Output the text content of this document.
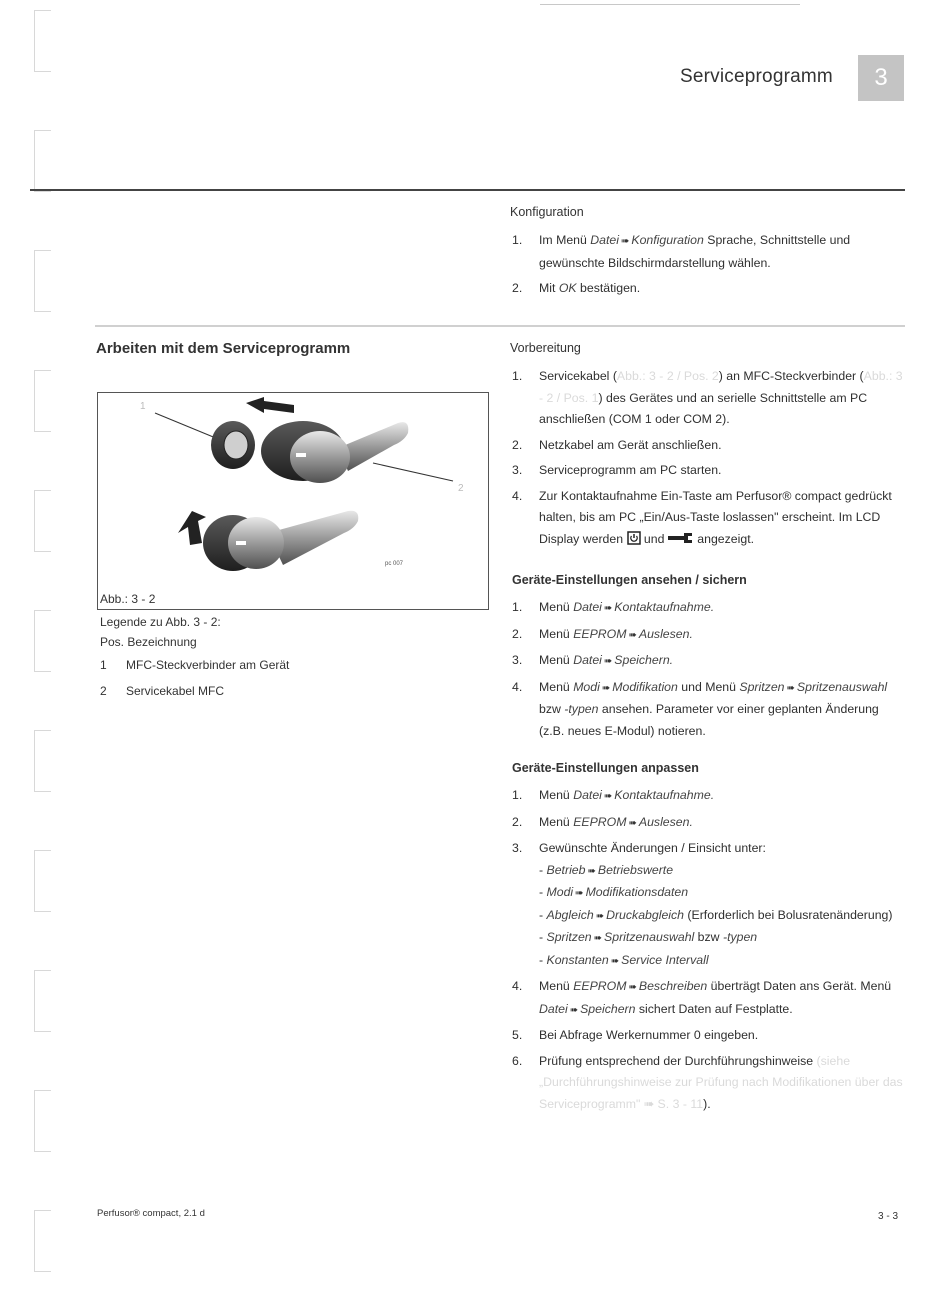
Serviceprogramm	3
Konfiguration
1. Im Menü Datei ➠ Konfiguration Sprache, Schnittstelle und gewünschte Bildschirmdarstellung wählen.
2. Mit OK bestätigen.
Arbeiten mit dem Serviceprogramm
1
2
pc 007
Abb.: 3 - 2
Legende zu Abb. 3 - 2:
Pos. Bezeichnung
1 MFC-Steckverbinder am Gerät
2 Servicekabel MFC
Vorbereitung
1. Servicekabel (Abb.: 3 - 2 / Pos. 2) an MFC-Steckverbinder (Abb.: 3 - 2 / Pos. 1) des Gerätes und an serielle Schnittstelle am PC anschließen (COM 1 oder COM 2).
2. Netzkabel am Gerät anschließen.
3. Serviceprogramm am PC starten.
4. Zur Kontaktaufnahme Ein-Taste am Perfusor® compact gedrückt halten, bis am PC „Ein/Aus-Taste loslassen" erscheint. Im LCD Display werden  und  angezeigt.
Geräte-Einstellungen ansehen / sichern
1. Menü Datei ➠ Kontaktaufnahme.
2. Menü EEPROM ➠ Auslesen.
3. Menü Datei ➠ Speichern.
4. Menü Modi ➠ Modifikation und Menü Spritzen ➠ Spritzenauswahl bzw -typen ansehen. Parameter vor einer geplanten Änderung (z.B. neues E-Modul) notieren.
Geräte-Einstellungen anpassen
1. Menü Datei ➠ Kontaktaufnahme.
2. Menü EEPROM ➠ Auslesen.
3. Gewünschte Änderungen / Einsicht unter:
- Betrieb ➠ Betriebswerte
- Modi ➠ Modifikationsdaten
- Abgleich ➠ Druckabgleich (Erforderlich bei Bolusratenänderung)
- Spritzen ➠ Spritzenauswahl bzw -typen
- Konstanten ➠ Service Intervall
4. Menü EEPROM ➠ Beschreiben überträgt Daten ans Gerät. Menü Datei ➠ Speichern sichert Daten auf Festplatte.
5. Bei Abfrage Werkernummer 0 eingeben.
6. Prüfung entsprechend der Durchführungshinweise (siehe „Durchführungshinweise zur Prüfung nach Modifikationen über das Serviceprogramm" ➠ S. 3 - 11).
Perfusor® compact, 2.1 d	3 - 3
